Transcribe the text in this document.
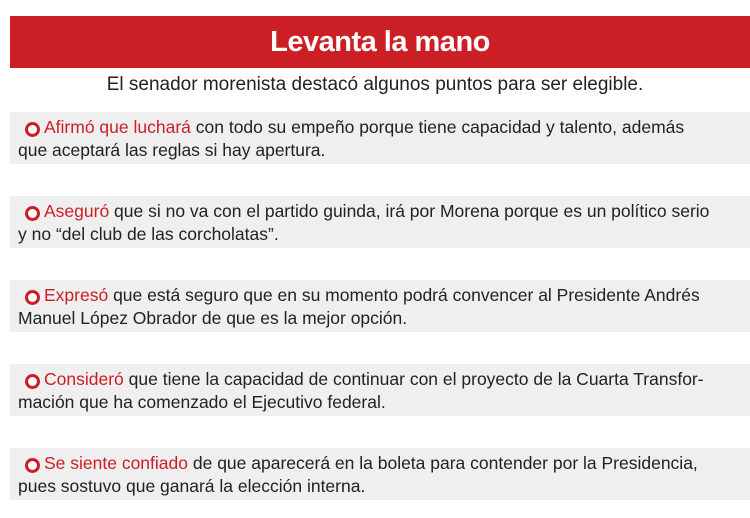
Levanta la mano
El senador morenista destacó algunos puntos para ser elegible.
Afirmó que luchará con todo su empeño porque tiene capacidad y talento, además
que aceptará las reglas si hay apertura.
Aseguró que si no va con el partido guinda, irá por Morena porque es un político serio
y no “del club de las corcholatas”.
Expresó que está seguro que en su momento podrá convencer al Presidente Andrés
Manuel López Obrador de que es la mejor opción.
Consideró que tiene la capacidad de continuar con el proyecto de la Cuarta Transfor-
mación que ha comenzado el Ejecutivo federal.
Se siente confiado de que aparecerá en la boleta para contender por la Presidencia,
pues sostuvo que ganará la elección interna.
